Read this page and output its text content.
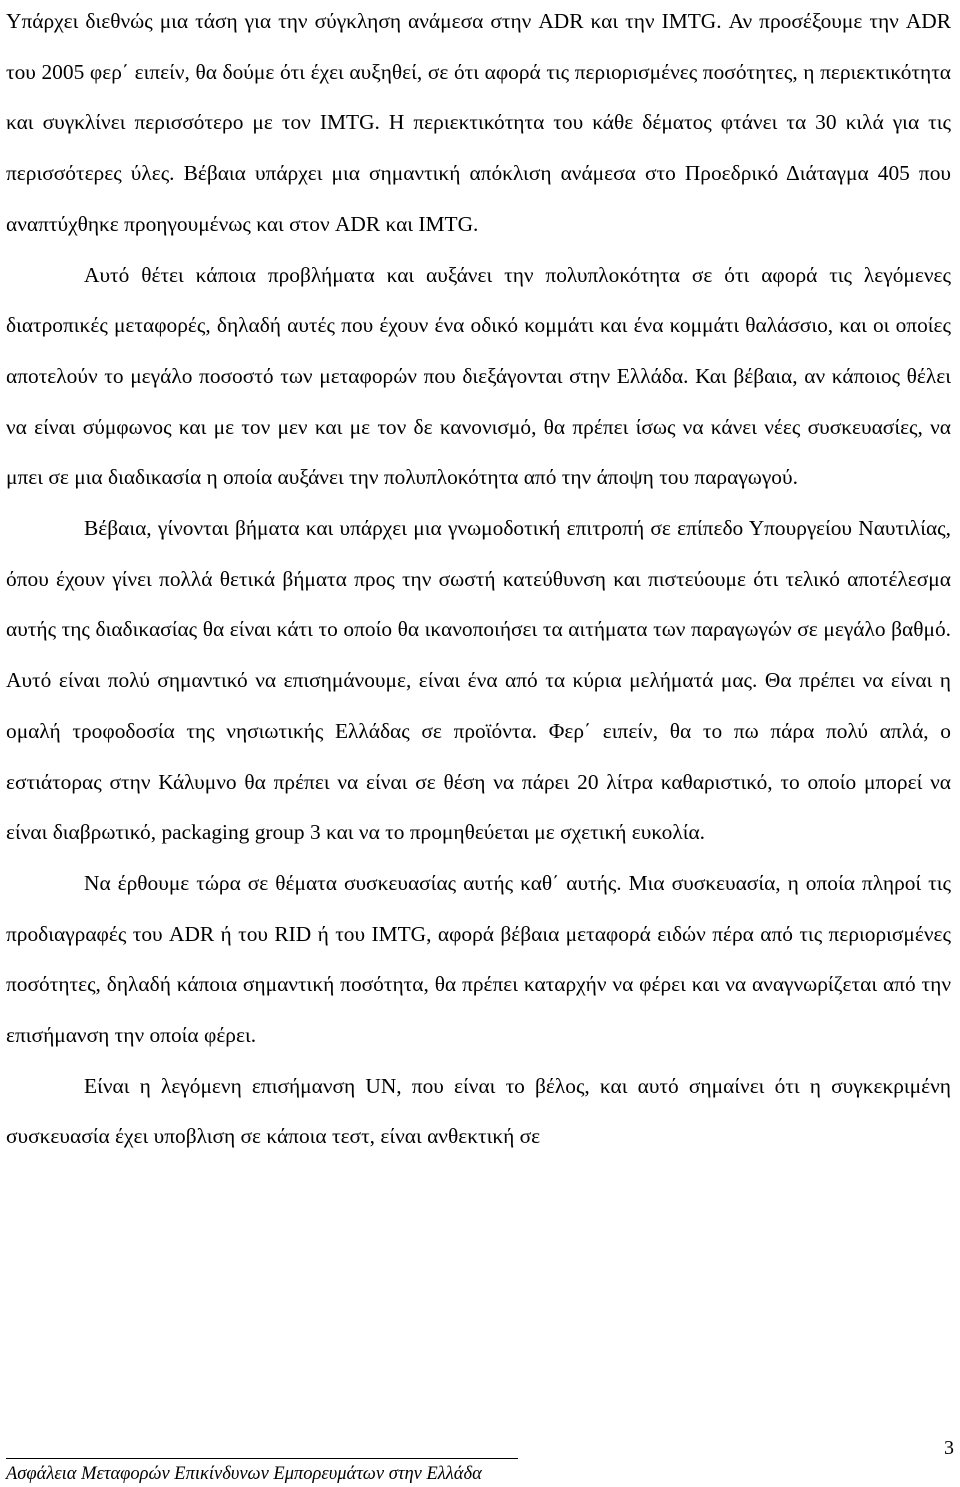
Υπάρχει διεθνώς μια τάση για την σύγκληση ανάμεσα στην ADR και την IMTG. Αν προσέξουμε την ADR του 2005 φερ΄ ειπείν, θα δούμε ότι έχει αυξηθεί, σε ότι αφορά τις περιορισμένες ποσότητες, η περιεκτικότητα και συγκλίνει περισσότερο με τον IMTG. Η περιεκτικότητα του κάθε δέματος φτάνει τα 30 κιλά για τις περισσότερες ύλες. Βέβαια υπάρχει μια σημαντική απόκλιση ανάμεσα στο Προεδρικό Διάταγμα 405 που αναπτύχθηκε προηγουμένως και στον ADR και IMTG.

Αυτό θέτει κάποια προβλήματα και αυξάνει την πολυπλοκότητα σε ότι αφορά τις λεγόμενες διατροπικές μεταφορές, δηλαδή αυτές που έχουν ένα οδικό κομμάτι και ένα κομμάτι θαλάσσιο, και οι οποίες αποτελούν το μεγάλο ποσοστό των μεταφορών που διεξάγονται στην Ελλάδα. Και βέβαια, αν κάποιος θέλει να είναι σύμφωνος και με τον μεν και με τον δε κανονισμό, θα πρέπει ίσως να κάνει νέες συσκευασίες, να μπει σε μια διαδικασία η οποία αυξάνει την πολυπλοκότητα από την άποψη του παραγωγού.

Βέβαια, γίνονται βήματα και υπάρχει μια γνωμοδοτική επιτροπή σε επίπεδο Υπουργείου Ναυτιλίας, όπου έχουν γίνει πολλά θετικά βήματα προς την σωστή κατεύθυνση και πιστεύουμε ότι τελικό αποτέλεσμα αυτής της διαδικασίας θα είναι κάτι το οποίο θα ικανοποιήσει τα αιτήματα των παραγωγών σε μεγάλο βαθμό. Αυτό είναι πολύ σημαντικό να επισημάνουμε, είναι ένα από τα κύρια μελήματά μας. Θα πρέπει να είναι η ομαλή τροφοδοσία της νησιωτικής Ελλάδας σε προϊόντα. Φερ΄ ειπείν, θα το πω πάρα πολύ απλά, ο εστιάτορας στην Κάλυμνο θα πρέπει να είναι σε θέση να πάρει 20 λίτρα καθαριστικό, το οποίο μπορεί να είναι διαβρωτικό, packaging group 3 και να το προμηθεύεται με σχετική ευκολία.

Να έρθουμε τώρα σε θέματα συσκευασίας αυτής καθ΄ αυτής. Μια συσκευασία, η οποία πληροί τις προδιαγραφές του ADR ή του RID ή του IMTG, αφορά βέβαια μεταφορά ειδών πέρα από τις περιορισμένες ποσότητες, δηλαδή κάποια σημαντική ποσότητα, θα πρέπει καταρχήν να φέρει και να αναγνωρίζεται από την επισήμανση την οποία φέρει.

Είναι η λεγόμενη επισήμανση UN, που είναι το βέλος, και αυτό σημαίνει ότι η συγκεκριμένη συσκευασία έχει υποβλιση σε κάποια τεστ, είναι ανθεκτική σε

3
Ασφάλεια Μεταφορών Επικίνδυνων Εμπορευμάτων στην Ελλάδα
